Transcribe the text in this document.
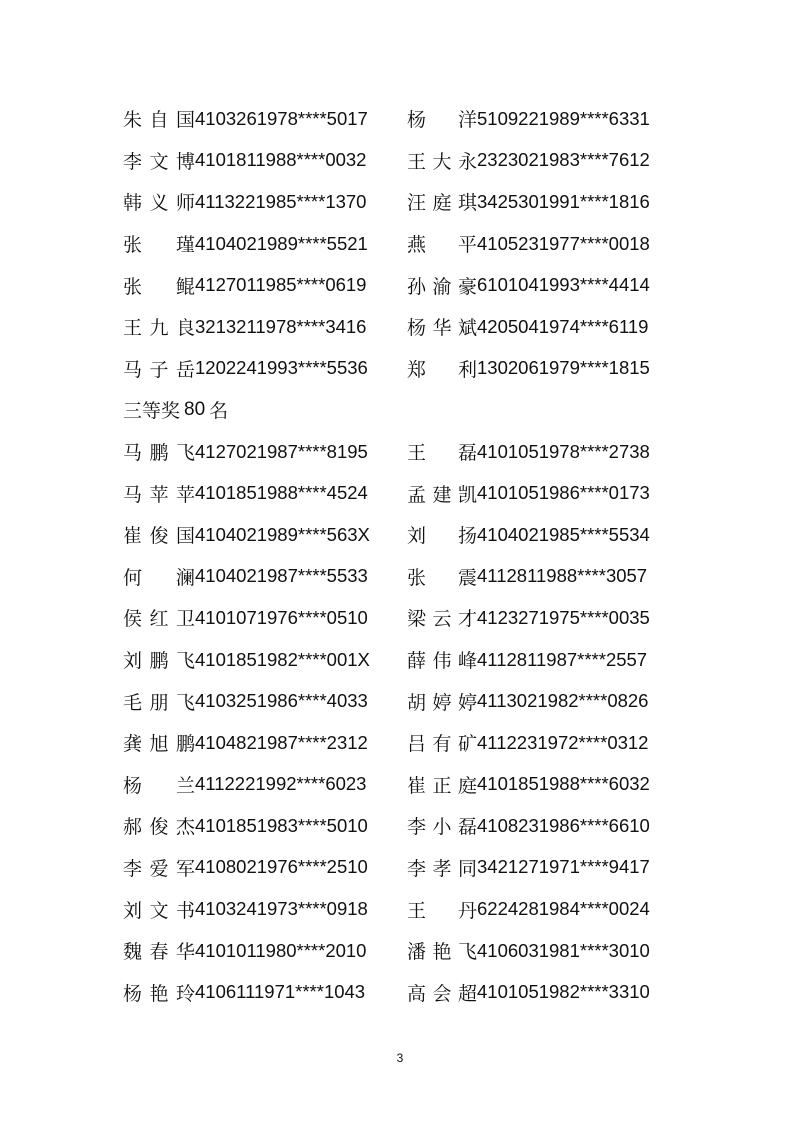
朱自国 4103261978****5017	杨　洋 5109221989****6331
李文博 4101811988****0032	王大永 2323021983****7612
韩义师 4113221985****1370	汪庭琪 3425301991****1816
张　瑾 4104021989****5521	燕　平 4105231977****0018
张　鲲 4127011985****0619	孙渝豪 6101041993****4414
王九良 3213211978****3416	杨华斌 4205041974****6119
马子岳 1202241993****5536	郑　利 1302061979****1815
三等奖 80 名
马鹏飞 4127021987****8195	王　磊 4101051978****2738
马苹苹 4101851988****4524	孟建凯 4101051986****0173
崔俊国 4104021989****563X	刘　扬 4104021985****5534
何　澜 4104021987****5533	张　震 4112811988****3057
侯红卫 4101071976****0510	梁云才 4123271975****0035
刘鹏飞 4101851982****001X	薛伟峰 4112811987****2557
毛朋飞 4103251986****4033	胡婷婷 4113021982****0826
龚旭鹏 4104821987****2312	吕有矿 4112231972****0312
杨　兰 4112221992****6023	崔正庭 4101851988****6032
郝俊杰 4101851983****5010	李小磊 4108231986****6610
李爱军 4108021976****2510	李孝同 3421271971****9417
刘文书 4103241973****0918	王　丹 6224281984****0024
魏春华 4101011980****2010	潘艳飞 4106031981****3010
杨艳玲 4106111971****1043	高会超 4101051982****3310
3
